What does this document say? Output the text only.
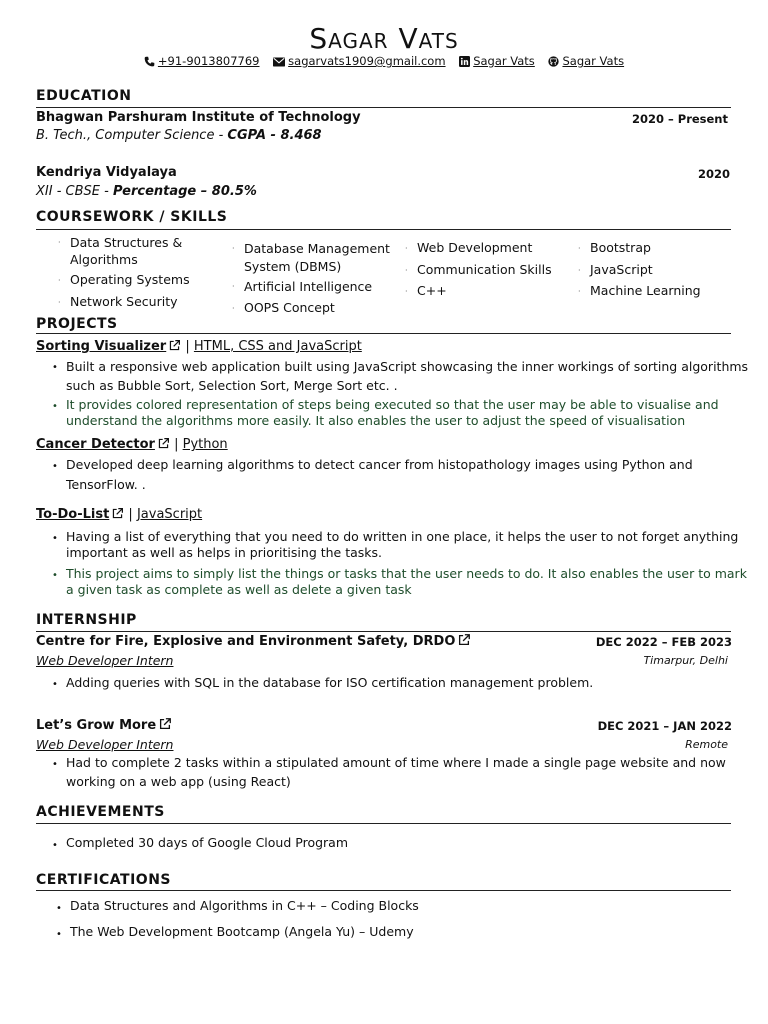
Sagar Vats
+91-9013807769 sagarvats1909@gmail.com Sagar Vats Sagar Vats
EDUCATION
Bhagwan Parshuram Institute of Technology	2020 – Present
B. Tech., Computer Science - CGPA - 8.468
Kendriya Vidyalaya	2020
XII - CBSE - Percentage – 80.5%
COURSEWORK / SKILLS
· Data Structures & Algorithms
· Operating Systems
· Network Security
· Database Management System (DBMS)
· Artificial Intelligence
· OOPS Concept
· Web Development
· Communication Skills
· C++
· Bootstrap
· JavaScript
· Machine Learning
PROJECTS
Sorting Visualizer | HTML, CSS and JavaScript
• Built a responsive web application built using JavaScript showcasing the inner workings of sorting algorithms
such as Bubble Sort, Selection Sort, Merge Sort etc. .
• It provides colored representation of steps being executed so that the user may be able to visualise and
understand the algorithms more easily. It also enables the user to adjust the speed of visualisation
Cancer Detector | Python
• Developed deep learning algorithms to detect cancer from histopathology images using Python and
TensorFlow. .
To-Do-List | JavaScript
• Having a list of everything that you need to do written in one place, it helps the user to not forget anything
important as well as helps in prioritising the tasks.
• This project aims to simply list the things or tasks that the user needs to do. It also enables the user to mark
a given task as complete as well as delete a given task
INTERNSHIP
Centre for Fire, Explosive and Environment Safety, DRDO	DEC 2022 – FEB 2023
Web Developer Intern	Timarpur, Delhi
• Adding queries with SQL in the database for ISO certification management problem.
Let’s Grow More	DEC 2021 – JAN 2022
Web Developer Intern	Remote
• Had to complete 2 tasks within a stipulated amount of time where I made a single page website and now
working on a web app (using React)
ACHIEVEMENTS
• Completed 30 days of Google Cloud Program
CERTIFICATIONS
• Data Structures and Algorithms in C++ – Coding Blocks
• The Web Development Bootcamp (Angela Yu) – Udemy
